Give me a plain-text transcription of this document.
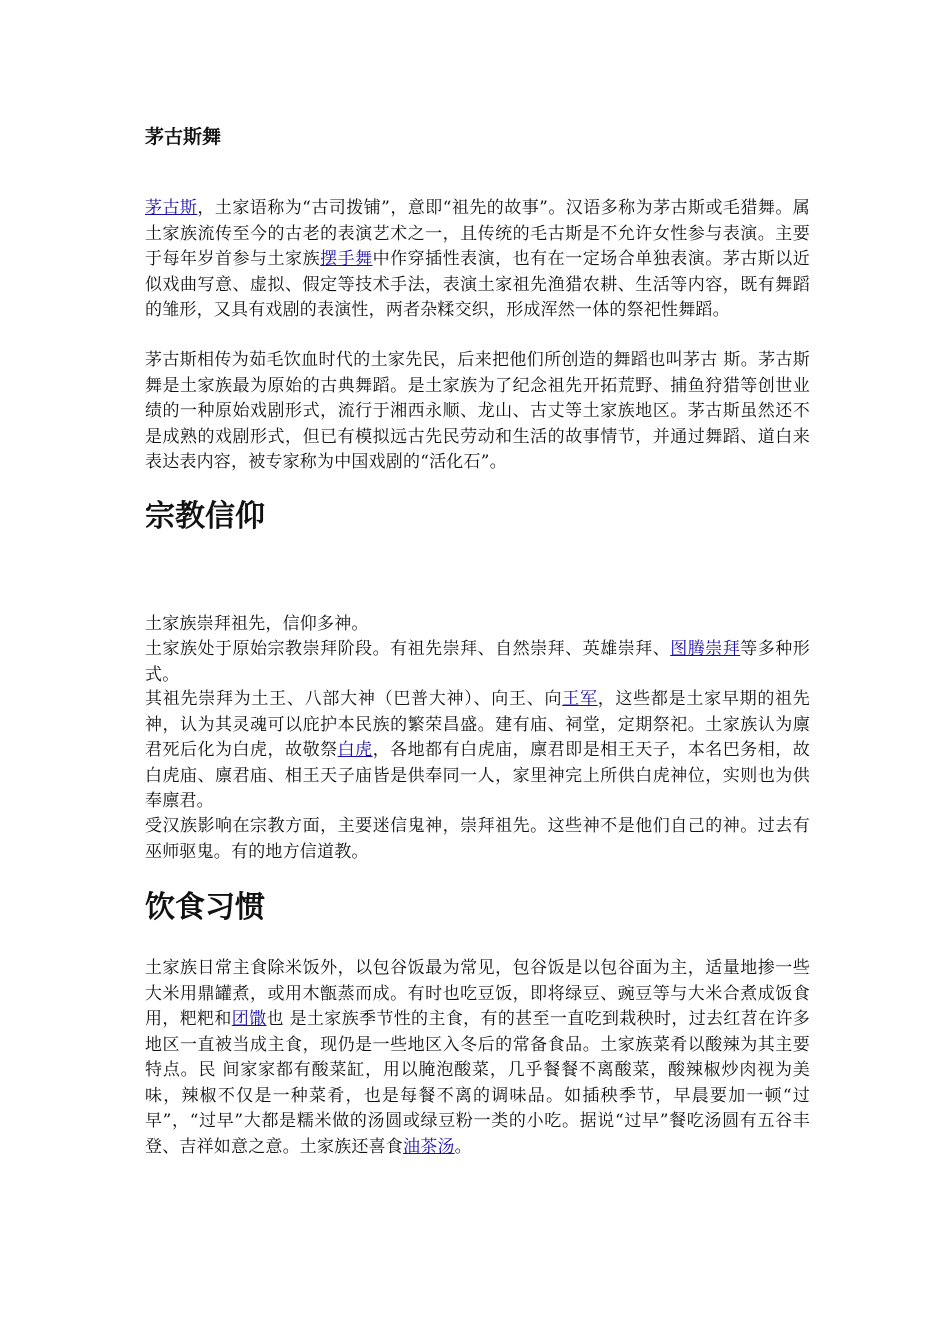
茅古斯舞

茅古斯，土家语称为“古司拨铺”，意即“祖先的故事”。汉语多称为茅古斯或毛猎舞。属土家族流传至今的古老的表演艺术之一，且传统的毛古斯是不允许女性参与表演。主要于每年岁首参与土家族摆手舞中作穿插性表演，也有在一定场合单独表演。茅古斯以近似戏曲写意、虚拟、假定等技术手法，表演土家祖先渔猎农耕、生活等内容，既有舞蹈的雏形，又具有戏剧的表演性，两者杂糅交织，形成浑然一体的祭祀性舞蹈。

茅古斯相传为茹毛饮血时代的土家先民，后来把他们所创造的舞蹈也叫茅古 斯。茅古斯舞是土家族最为原始的古典舞蹈。是土家族为了纪念祖先开拓荒野、捕鱼狩猎等创世业绩的一种原始戏剧形式，流行于湘西永顺、龙山、古丈等土家族地区。茅古斯虽然还不是成熟的戏剧形式，但已有模拟远古先民劳动和生活的故事情节，并通过舞蹈、道白来表达表内容，被专家称为中国戏剧的“活化石”。

宗教信仰

土家族崇拜祖先，信仰多神。

土家族处于原始宗教崇拜阶段。有祖先崇拜、自然崇拜、英雄崇拜、图腾崇拜等多种形式。

其祖先崇拜为土王、八部大神（巴普大神）、向王、向王军，这些都是土家早期的祖先神，认为其灵魂可以庇护本民族的繁荣昌盛。建有庙、祠堂，定期祭祀。土家族认为廪君死后化为白虎，故敬祭白虎，各地都有白虎庙，廪君即是相王天子，本名巴务相，故白虎庙、廪君庙、相王天子庙皆是供奉同一人，家里神完上所供白虎神位，实则也为供奉廪君。

受汉族影响在宗教方面，主要迷信鬼神，崇拜祖先。这些神不是他们自己的神。过去有巫师驱鬼。有的地方信道教。

饮食习惯

土家族日常主食除米饭外，以包谷饭最为常见，包谷饭是以包谷面为主，适量地掺一些大米用鼎罐煮，或用木甑蒸而成。有时也吃豆饭，即将绿豆、豌豆等与大米合煮成饭食用，粑粑和团馓也 是土家族季节性的主食，有的甚至一直吃到栽秧时，过去红苕在许多地区一直被当成主食，现仍是一些地区入冬后的常备食品。土家族菜肴以酸辣为其主要特点。民 间家家都有酸菜缸，用以腌泡酸菜，几乎餐餐不离酸菜，酸辣椒炒肉视为美味，辣椒不仅是一种菜肴，也是每餐不离的调味品。如插秧季节，早晨要加一顿“过 早”，“过早”大都是糯米做的汤圆或绿豆粉一类的小吃。据说“过早”餐吃汤圆有五谷丰登、吉祥如意之意。土家族还喜食油茶汤。
